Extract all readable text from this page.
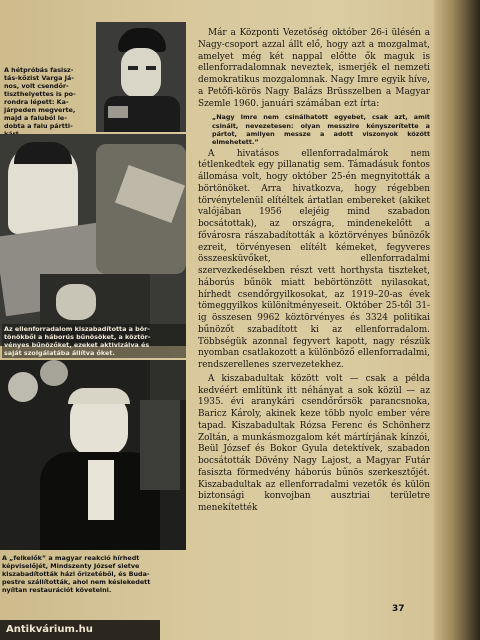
A hétpróbás fasisz-
tás-kőzist Varga Já-
nos, volt csendőr-
tiszthelyettes is po-
rondra lépett: Ka-
járpeden megverte,
majd a faluból le-
dobta a falu pártti-

Az ellenforradalom kiszabadította a bör-
tönökből a háborús bűnösöket, a köztör-
vényes bűnözőket, ezeket aktivizálva és
saját szolgálatába állítva őket.
A „felkelők” a magyar reakció hírhedt
képviselőjét, Mindszenty József sietve
kiszabadították házi őrizetéből, és Buda-
pestre szállították, ahol nem késlekedett
nyíltan restaurációt követelni.

Már a Központi Vezetőség október 26-i ülésén a Nagy-csoport azzal állt elő, hogy azt a mozgalmat, amelyet még két nappal előtte ők maguk is ellenforradalomnak neveztek, ismerjék el nemzeti demokratikus mozgalomnak. Nagy Imre egyik híve, a Petőfi-körös Nagy Balázs Brüsszelben a Magyar Szemle 1960. januári számában ezt írta:

„Nagy Imre nem csinálhatott egyebet, csak azt, amit csinált, nevezetesen: olyan messzire kényszerítette a pártot, amilyen messze a adott viszonyok között elmehetett.”

A hivatásos ellenforradalmárok nem tétlenkedtek egy pillanatig sem. Támadásuk fontos állomása volt, hogy október 25-én megnyitották a börtönöket. Arra hivatkozva, hogy régebben törvénytelenül elítéltek ártatlan embereket (akiket valójában 1956 elejéig mind szabadon bocsátottak), az országra, mindenekelőtt a fővárosra rászabadították a köztörvényes bűnözők ezreit, törvényesen elítélt kémeket, fegyveres összeesküvőket, ellenforradalmi szervezkedésekben részt vett horthysta tiszteket, háborús bűnök miatt bebörtönzött nyilasokat, hírhedt csendőrgyilkosokat, az 1919–20-as évek tömeggyilkos különítményeseit. Október 25-től 31-ig összesen 9962 köztörvényes és 3324 politikai bűnözőt szabadított ki az ellenforradalom. Többségük azonnal fegyvert kapott, nagy részük nyomban csatlakozott a különböző ellenforradalmi, rendszerellenes szervezetekhez.

A kiszabadultak között volt — csak a példa kedvéért említünk itt néhányat a sok közül — az 1935. évi aranykári csendőrőrsök parancsnoka, Baricz Károly, akinek keze több nyolc ember vére tapad. Kiszabadultak Rózsa Ferenc és Schönherz Zoltán, a munkásmozgalom két mártírjának kínzói, Beül József és Bokor Gyula detektívek, szabadon bocsátották Dövény Nagy Lajost, a Magyar Futár fasiszta förmedvény háborús bűnös szerkesztőjét. Kiszabadultak az ellenforradalmi vezetők és külön biztonsági konvojban ausztriai területre menekítették

37
Antikvárium.hu
